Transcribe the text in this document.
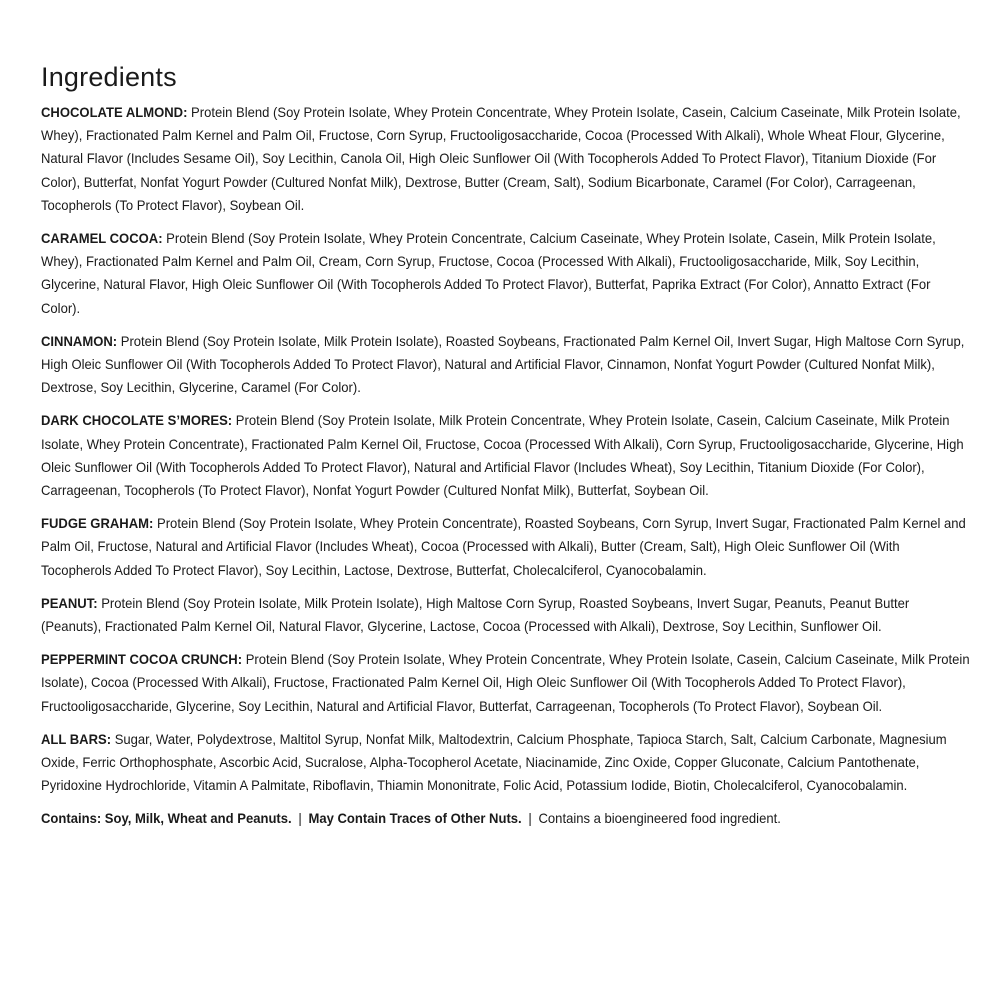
Ingredients
CHOCOLATE ALMOND: Protein Blend (Soy Protein Isolate, Whey Protein Concentrate, Whey Protein Isolate, Casein, Calcium Caseinate, Milk Protein Isolate, Whey), Fractionated Palm Kernel and Palm Oil, Fructose, Corn Syrup, Fructooligosaccharide, Cocoa (Processed With Alkali), Whole Wheat Flour, Glycerine, Natural Flavor (Includes Sesame Oil), Soy Lecithin, Canola Oil, High Oleic Sunflower Oil (With Tocopherols Added To Protect Flavor), Titanium Dioxide (For Color), Butterfat, Nonfat Yogurt Powder (Cultured Nonfat Milk), Dextrose, Butter (Cream, Salt), Sodium Bicarbonate, Caramel (For Color), Carrageenan, Tocopherols (To Protect Flavor), Soybean Oil.
CARAMEL COCOA: Protein Blend (Soy Protein Isolate, Whey Protein Concentrate, Calcium Caseinate, Whey Protein Isolate, Casein, Milk Protein Isolate, Whey), Fractionated Palm Kernel and Palm Oil, Cream, Corn Syrup, Fructose, Cocoa (Processed With Alkali), Fructooligosaccharide, Milk, Soy Lecithin, Glycerine, Natural Flavor, High Oleic Sunflower Oil (With Tocopherols Added To Protect Flavor), Butterfat, Paprika Extract (For Color), Annatto Extract (For Color).
CINNAMON: Protein Blend (Soy Protein Isolate, Milk Protein Isolate), Roasted Soybeans, Fractionated Palm Kernel Oil, Invert Sugar, High Maltose Corn Syrup, High Oleic Sunflower Oil (With Tocopherols Added To Protect Flavor), Natural and Artificial Flavor, Cinnamon, Nonfat Yogurt Powder (Cultured Nonfat Milk), Dextrose, Soy Lecithin, Glycerine, Caramel (For Color).
DARK CHOCOLATE S’MORES: Protein Blend (Soy Protein Isolate, Milk Protein Concentrate, Whey Protein Isolate, Casein, Calcium Caseinate, Milk Protein Isolate, Whey Protein Concentrate), Fractionated Palm Kernel Oil, Fructose, Cocoa (Processed With Alkali), Corn Syrup, Fructooligosaccharide, Glycerine, High Oleic Sunflower Oil (With Tocopherols Added To Protect Flavor), Natural and Artificial Flavor (Includes Wheat), Soy Lecithin, Titanium Dioxide (For Color), Carrageenan, Tocopherols (To Protect Flavor), Nonfat Yogurt Powder (Cultured Nonfat Milk), Butterfat, Soybean Oil.
FUDGE GRAHAM: Protein Blend (Soy Protein Isolate, Whey Protein Concentrate), Roasted Soybeans, Corn Syrup, Invert Sugar, Fractionated Palm Kernel and Palm Oil, Fructose, Natural and Artificial Flavor (Includes Wheat), Cocoa (Processed with Alkali), Butter (Cream, Salt), High Oleic Sunflower Oil (With Tocopherols Added To Protect Flavor), Soy Lecithin, Lactose, Dextrose, Butterfat, Cholecalciferol, Cyanocobalamin.
PEANUT: Protein Blend (Soy Protein Isolate, Milk Protein Isolate), High Maltose Corn Syrup, Roasted Soybeans, Invert Sugar, Peanuts, Peanut Butter (Peanuts), Fractionated Palm Kernel Oil, Natural Flavor, Glycerine, Lactose, Cocoa (Processed with Alkali), Dextrose, Soy Lecithin, Sunflower Oil.
PEPPERMINT COCOA CRUNCH: Protein Blend (Soy Protein Isolate, Whey Protein Concentrate, Whey Protein Isolate, Casein, Calcium Caseinate, Milk Protein Isolate), Cocoa (Processed With Alkali), Fructose, Fractionated Palm Kernel Oil, High Oleic Sunflower Oil (With Tocopherols Added To Protect Flavor), Fructooligosaccharide, Glycerine, Soy Lecithin, Natural and Artificial Flavor, Butterfat, Carrageenan, Tocopherols (To Protect Flavor), Soybean Oil.
ALL BARS: Sugar, Water, Polydextrose, Maltitol Syrup, Nonfat Milk, Maltodextrin, Calcium Phosphate, Tapioca Starch, Salt, Calcium Carbonate, Magnesium Oxide, Ferric Orthophosphate, Ascorbic Acid, Sucralose, Alpha-Tocopherol Acetate, Niacinamide, Zinc Oxide, Copper Gluconate, Calcium Pantothenate, Pyridoxine Hydrochloride, Vitamin A Palmitate, Riboflavin, Thiamin Mononitrate, Folic Acid, Potassium Iodide, Biotin, Cholecalciferol, Cyanocobalamin.
Contains: Soy, Milk, Wheat and Peanuts. | May Contain Traces of Other Nuts. | Contains a bioengineered food ingredient.
